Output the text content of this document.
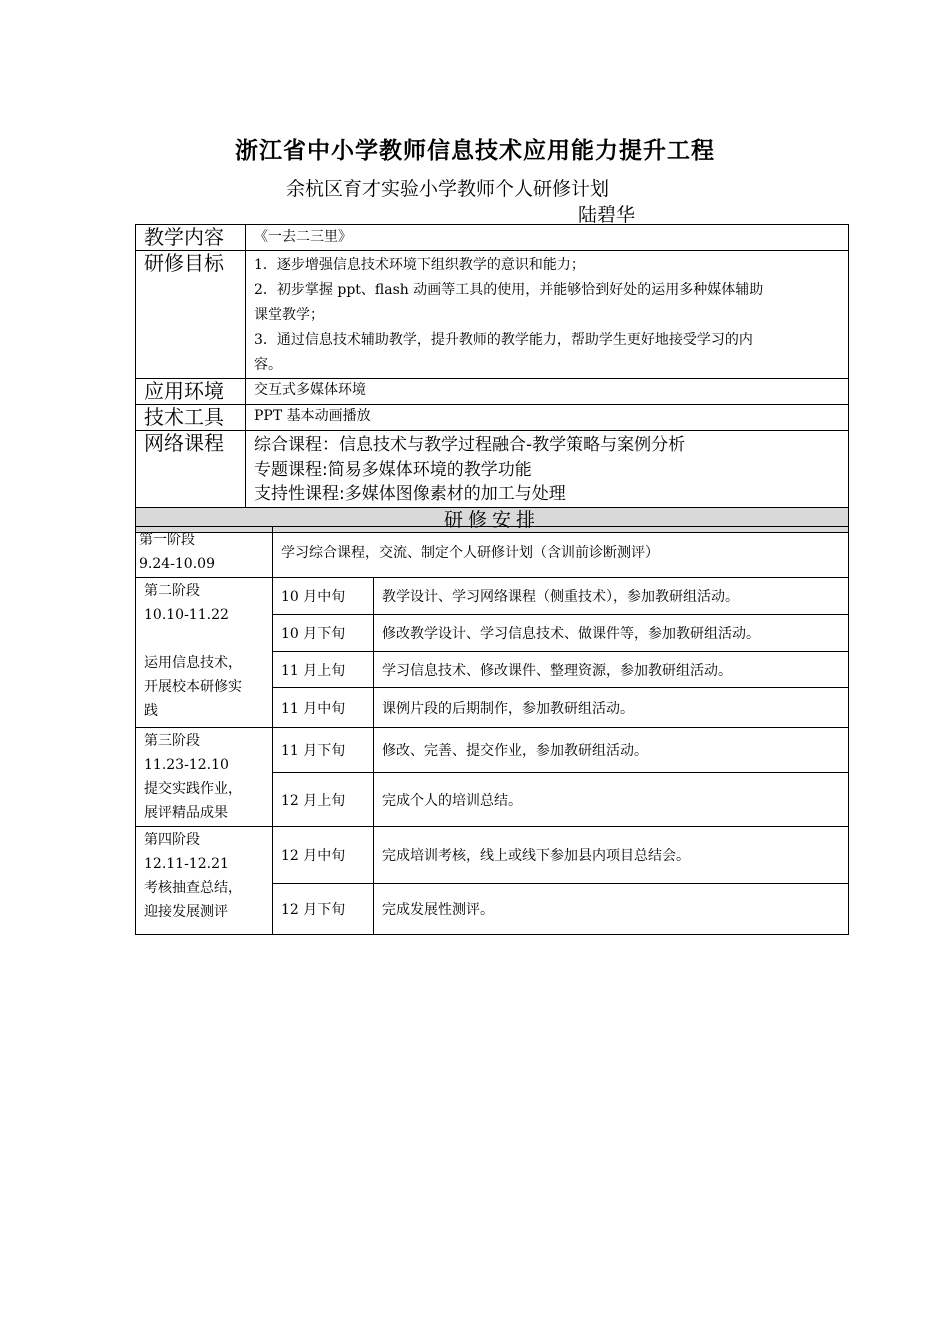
浙江省中小学教师信息技术应用能力提升工程
余杭区育才实验小学教师个人研修计划
陆碧华
教学内容	《一去二三里》
研修目标	1．逐步增强信息技术环境下组织教学的意识和能力；

2．初步掌握 ppt、flash 动画等工具的使用，并能够恰到好处的运用多种媒体辅助

课堂教学；

3．通过信息技术辅助教学，提升教师的教学能力，帮助学生更好地接受学习的内

容。

应用环境	交互式多媒体环境
技术工具	PPT 基本动画播放
网络课程	综合课程：信息技术与教学过程融合-教学策略与案例分析
专题课程:简易多媒体环境的教学功能
支持性课程:多媒体图像素材的加工与处理

研修安排	

第一阶段

9.24-10.09	学习综合课程，交流、制定个人研修计划（含训前诊断测评）	

第二阶段

10.10-11.22

运用信息技术，

开展校本研修实

践	10 月中旬	教学设计、学习网络课程（侧重技术），参加教研组活动。
	10 月下旬	修改教学设计、学习信息技术、做课件等，参加教研组活动。
	11 月上旬	学习信息技术、修改课件、整理资源，参加教研组活动。
	11 月中旬	课例片段的后期制作，参加教研组活动。

第三阶段

11.23-12.10

提交实践作业，

展评精品成果	11 月下旬	修改、完善、提交作业，参加教研组活动。
	12 月上旬	完成个人的培训总结。

第四阶段

12.11-12.21

考核抽查总结，

迎接发展测评	12 月中旬	完成培训考核，线上或线下参加县内项目总结会。
	12 月下旬	完成发展性测评。
